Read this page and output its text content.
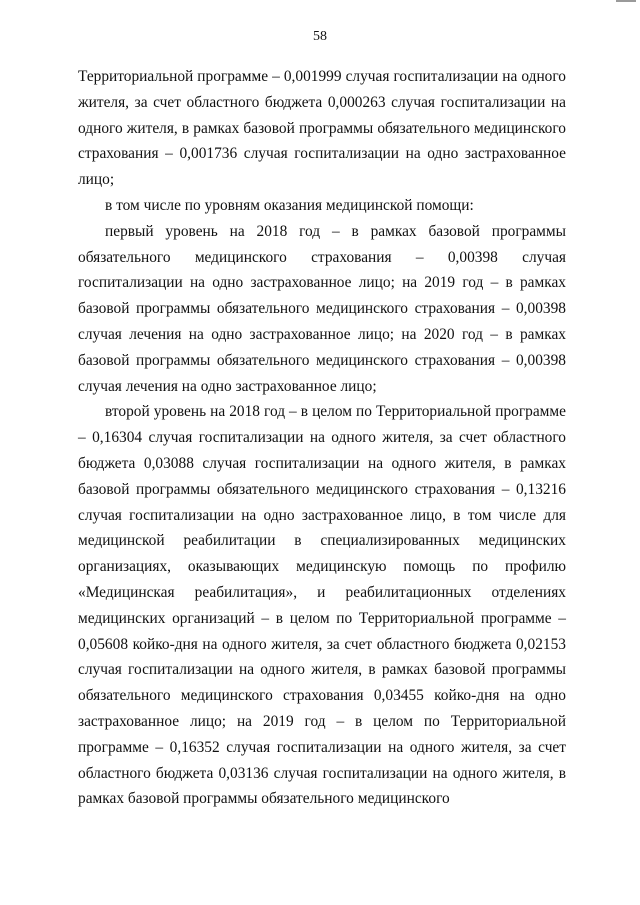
58

Территориальной программе – 0,001999 случая госпитализации на одного жителя, за счет областного бюджета 0,000263 случая госпитализации на одного жителя, в рамках базовой программы обязательного медицинского страхования – 0,001736 случая госпитализации на одно застрахованное лицо;

в том числе по уровням оказания медицинской помощи:

первый уровень на 2018 год – в рамках базовой программы обязательного медицинского страхования – 0,00398 случая госпитализации на одно застрахованное лицо; на 2019 год – в рамках базовой программы обязательного медицинского страхования – 0,00398 случая лечения на одно застрахованное лицо; на 2020 год – в рамках базовой программы обязательного медицинского страхования – 0,00398 случая лечения на одно застрахованное лицо;

второй уровень на 2018 год – в целом по Территориальной программе – 0,16304 случая госпитализации на одного жителя, за счет областного бюджета 0,03088 случая госпитализации на одного жителя, в рамках базовой программы обязательного медицинского страхования – 0,13216 случая госпитализации на одно застрахованное лицо, в том числе для медицинской реабилитации в специализированных медицинских организациях, оказывающих медицинскую помощь по профилю «Медицинская реабилитация», и реабилитационных отделениях медицинских организаций – в целом по Территориальной программе – 0,05608 койко-дня на одного жителя, за счет областного бюджета 0,02153 случая госпитализации на одного жителя, в рамках базовой программы обязательного медицинского страхования 0,03455 койко-дня на одно застрахованное лицо; на 2019 год – в целом по Территориальной программе – 0,16352 случая госпитализации на одного жителя, за счет областного бюджета 0,03136 случая госпитализации на одного жителя, в рамках базовой программы обязательного медицинского
